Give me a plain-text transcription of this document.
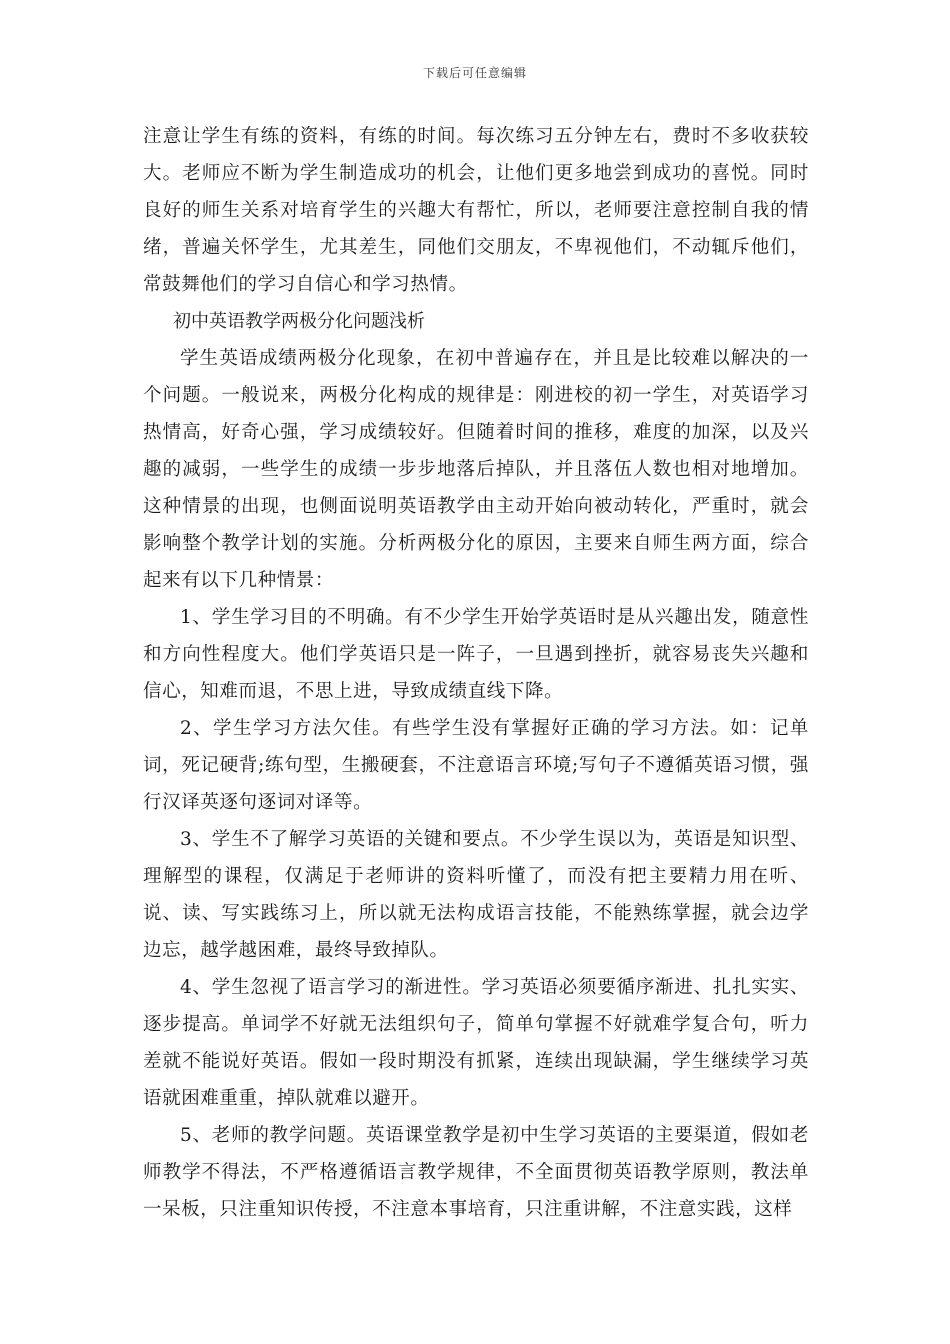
下载后可任意编辑

注意让学生有练的资料，有练的时间。每次练习五分钟左右，费时不多收获较大。老师应不断为学生制造成功的机会，让他们更多地尝到成功的喜悦。同时良好的师生关系对培育学生的兴趣大有帮忙，所以，老师要注意控制自我的情绪，普遍关怀学生，尤其差生，同他们交朋友，不卑视他们，不动辄斥他们，常鼓舞他们的学习自信心和学习热情。

初中英语教学两极分化问题浅析

学生英语成绩两极分化现象，在初中普遍存在，并且是比较难以解决的一个问题。一般说来，两极分化构成的规律是：刚进校的初一学生，对英语学习热情高，好奇心强，学习成绩较好。但随着时间的推移，难度的加深，以及兴趣的减弱，一些学生的成绩一步步地落后掉队，并且落伍人数也相对地增加。这种情景的出现，也侧面说明英语教学由主动开始向被动转化，严重时，就会影响整个教学计划的实施。分析两极分化的原因，主要来自师生两方面，综合起来有以下几种情景：

1、学生学习目的不明确。有不少学生开始学英语时是从兴趣出发，随意性和方向性程度大。他们学英语只是一阵子，一旦遇到挫折，就容易丧失兴趣和信心，知难而退，不思上进，导致成绩直线下降。

2、学生学习方法欠佳。有些学生没有掌握好正确的学习方法。如：记单词，死记硬背;练句型，生搬硬套，不注意语言环境;写句子不遵循英语习惯，强行汉译英逐句逐词对译等。

3、学生不了解学习英语的关键和要点。不少学生误以为，英语是知识型、理解型的课程，仅满足于老师讲的资料听懂了，而没有把主要精力用在听、说、读、写实践练习上，所以就无法构成语言技能，不能熟练掌握，就会边学边忘，越学越困难，最终导致掉队。

4、学生忽视了语言学习的渐进性。学习英语必须要循序渐进、扎扎实实、逐步提高。单词学不好就无法组织句子，简单句掌握不好就难学复合句，听力差就不能说好英语。假如一段时期没有抓紧，连续出现缺漏，学生继续学习英语就困难重重，掉队就难以避开。

5、老师的教学问题。英语课堂教学是初中生学习英语的主要渠道，假如老师教学不得法，不严格遵循语言教学规律，不全面贯彻英语教学原则，教法单一呆板，只注重知识传授，不注意本事培育，只注重讲解，不注意实践，这样
